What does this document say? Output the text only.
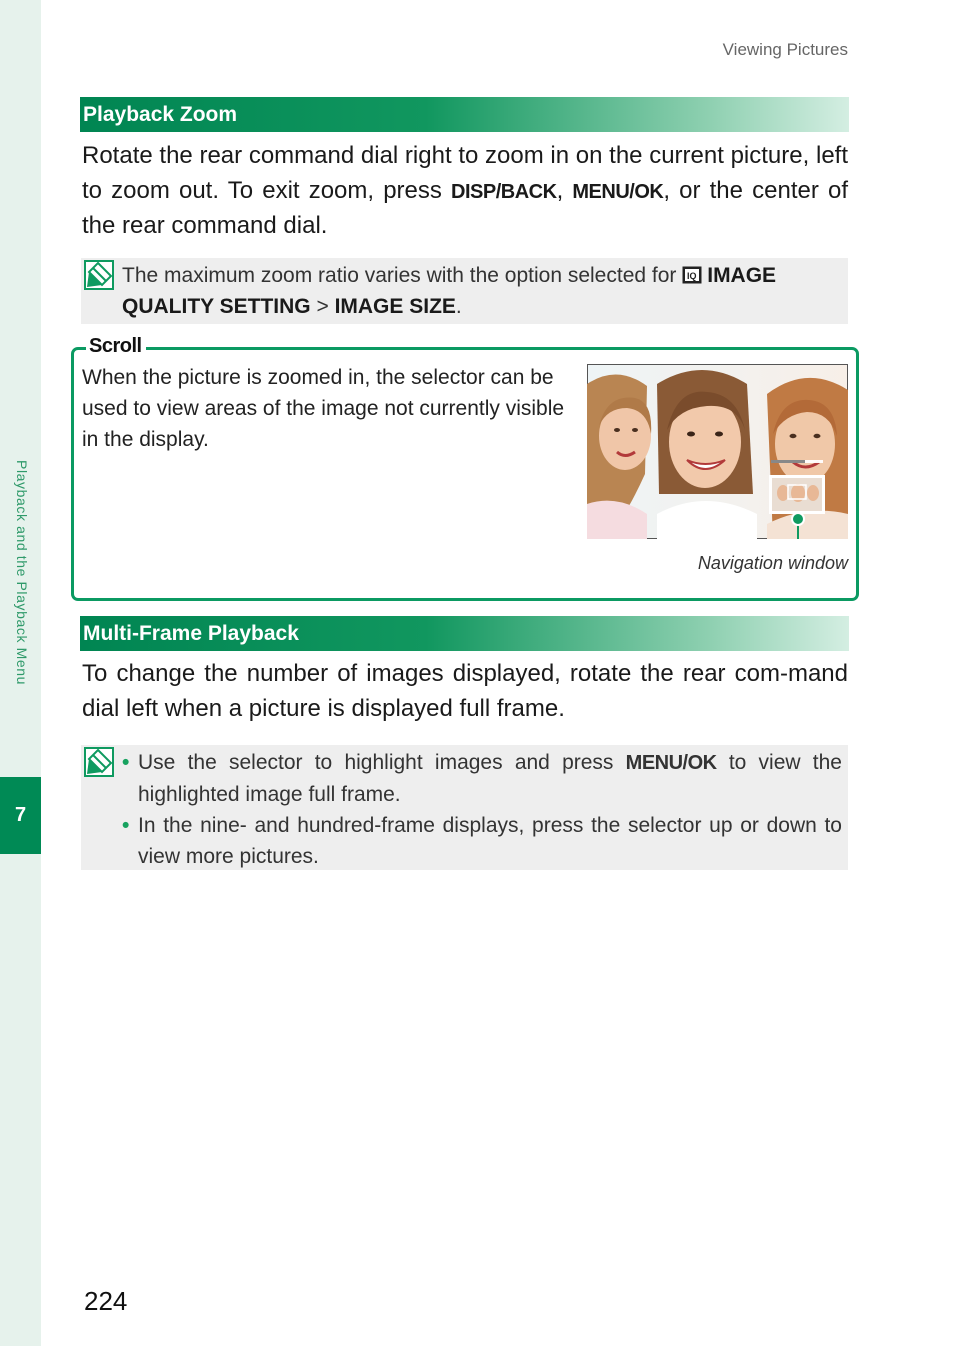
Playback and the Playback Menu
7
Viewing Pictures
Playback Zoom
Rotate the rear command dial right to zoom in on the current picture, left to zoom out. To exit zoom, press DISP/BACK, MENU/OK, or the center of the rear command dial.
The maximum zoom ratio varies with the option selected for IQ IMAGE QUALITY SETTING > IMAGE SIZE.
Scroll
When the picture is zoomed in, the selector can be used to view areas of the image not currently visible in the display.
Navigation window
Multi-Frame Playback
To change the number of images displayed, rotate the rear com-mand dial left when a picture is displayed full frame.
• Use the selector to highlight images and press MENU/OK to view the highlighted image full frame.
• In the nine- and hundred-frame displays, press the selector up or down to view more pictures.
224
